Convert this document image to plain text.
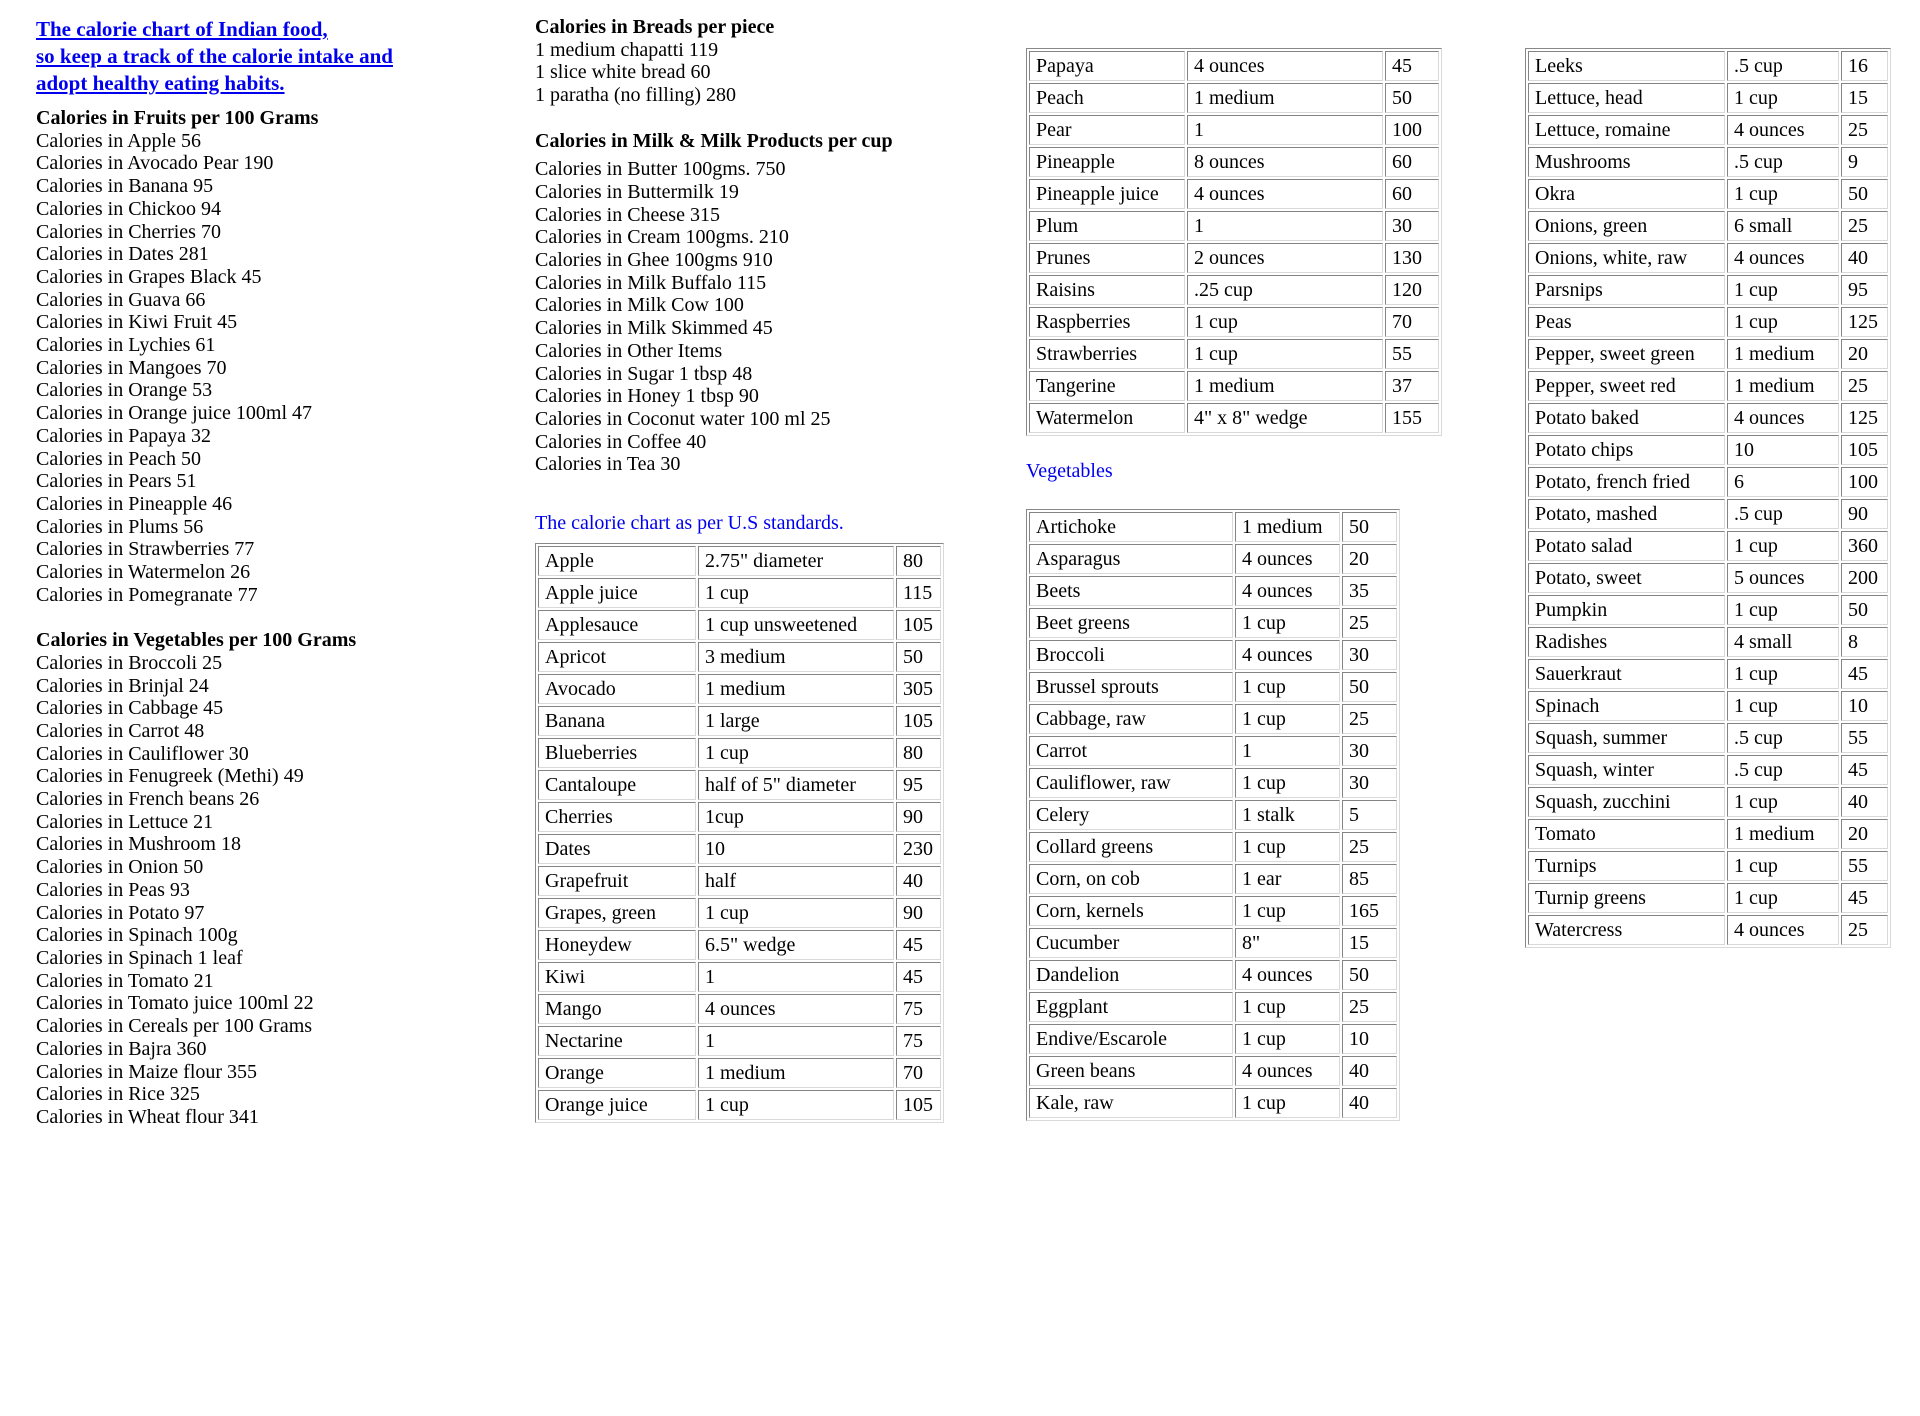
The calorie chart of Indian food,
so keep a track of the calorie intake and
adopt healthy eating habits.
Calories in Fruits per 100 Grams
Calories in Apple 56
Calories in Avocado Pear 190
Calories in Banana 95
Calories in Chickoo 94
Calories in Cherries 70
Calories in Dates 281
Calories in Grapes Black 45
Calories in Guava 66
Calories in Kiwi Fruit 45
Calories in Lychies 61
Calories in Mangoes 70
Calories in Orange 53
Calories in Orange juice 100ml 47
Calories in Papaya 32
Calories in Peach 50
Calories in Pears 51
Calories in Pineapple 46
Calories in Plums 56
Calories in Strawberries 77
Calories in Watermelon 26
Calories in Pomegranate 77
Calories in Vegetables per 100 Grams
Calories in Broccoli 25
Calories in Brinjal 24
Calories in Cabbage 45
Calories in Carrot 48
Calories in Cauliflower 30
Calories in Fenugreek (Methi) 49
Calories in French beans 26
Calories in Lettuce 21
Calories in Mushroom 18
Calories in Onion 50
Calories in Peas 93
Calories in Potato 97
Calories in Spinach 100g
Calories in Spinach 1 leaf
Calories in Tomato 21
Calories in Tomato juice 100ml 22
Calories in Cereals per 100 Grams
Calories in Bajra 360
Calories in Maize flour 355
Calories in Rice 325
Calories in Wheat flour 341
Calories in Breads per piece
1 medium chapatti 119
1 slice white bread 60
1 paratha (no filling) 280
Calories in Milk & Milk Products per cup
Calories in Butter 100gms. 750
Calories in Buttermilk 19
Calories in Cheese 315
Calories in Cream 100gms. 210
Calories in Ghee 100gms 910
Calories in Milk Buffalo 115
Calories in Milk Cow 100
Calories in Milk Skimmed 45
Calories in Other Items
Calories in Sugar 1 tbsp 48
Calories in Honey 1 tbsp 90
Calories in Coconut water 100 ml 25
Calories in Coffee 40
Calories in Tea 30
The calorie chart as per U.S standards.
Apple	2.75" diameter	80
Apple juice	1 cup	115
Applesauce	1 cup unsweetened	105
Apricot	3 medium	50
Avocado	1 medium	305
Banana	1 large	105
Blueberries	1 cup	80
Cantaloupe	half of 5" diameter	95
Cherries	1cup	90
Dates	10	230
Grapefruit	half	40
Grapes, green	1 cup	90
Honeydew	6.5" wedge	45
Kiwi	1	45
Mango	4 ounces	75
Nectarine	1	75
Orange	1 medium	70
Orange juice	1 cup	105
Papaya	4 ounces	45
Peach	1 medium	50
Pear	1	100
Pineapple	8 ounces	60
Pineapple juice	4 ounces	60
Plum	1	30
Prunes	2 ounces	130
Raisins	.25 cup	120
Raspberries	1 cup	70
Strawberries	1 cup	55
Tangerine	1 medium	37
Watermelon	4" x 8" wedge	155
Vegetables
Artichoke	1 medium	50
Asparagus	4 ounces	20
Beets	4 ounces	35
Beet greens	1 cup	25
Broccoli	4 ounces	30
Brussel sprouts	1 cup	50
Cabbage, raw	1 cup	25
Carrot	1	30
Cauliflower, raw	1 cup	30
Celery	1 stalk	5
Collard greens	1 cup	25
Corn, on cob	1 ear	85
Corn, kernels	1 cup	165
Cucumber	8"	15
Dandelion	4 ounces	50
Eggplant	1 cup	25
Endive/Escarole	1 cup	10
Green beans	4 ounces	40
Kale, raw	1 cup	40
Leeks	.5 cup	16
Lettuce, head	1 cup	15
Lettuce, romaine	4 ounces	25
Mushrooms	.5 cup	9
Okra	1 cup	50
Onions, green	6 small	25
Onions, white, raw	4 ounces	40
Parsnips	1 cup	95
Peas	1 cup	125
Pepper, sweet green	1 medium	20
Pepper, sweet red	1 medium	25
Potato baked	4 ounces	125
Potato chips	10	105
Potato, french fried	6	100
Potato, mashed	.5 cup	90
Potato salad	1 cup	360
Potato, sweet	5 ounces	200
Pumpkin	1 cup	50
Radishes	4 small	8
Sauerkraut	1 cup	45
Spinach	1 cup	10
Squash, summer	.5 cup	55
Squash, winter	.5 cup	45
Squash, zucchini	1 cup	40
Tomato	1 medium	20
Turnips	1 cup	55
Turnip greens	1 cup	45
Watercress	4 ounces	25
